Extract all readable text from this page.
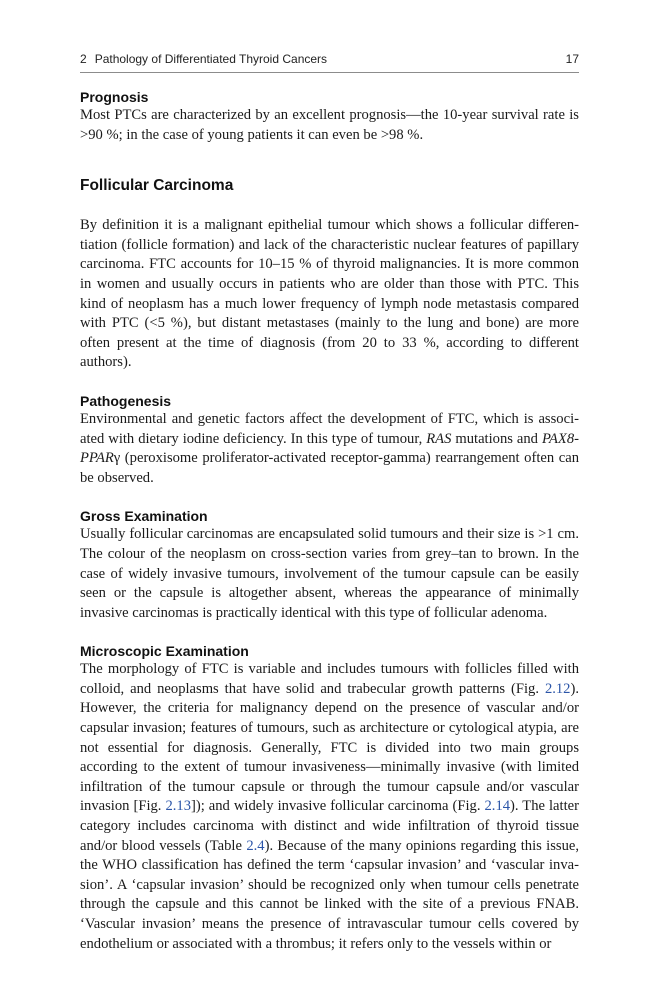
2 Pathology of Differentiated Thyroid Cancers	17
Prognosis

Most PTCs are characterized by an excellent prognosis—the 10-year survival rate is >90 %; in the case of young patients it can even be >98 %.

Follicular Carcinoma

By definition it is a malignant epithelial tumour which shows a follicular differentiation (follicle formation) and lack of the characteristic nuclear features of papillary carcinoma. FTC accounts for 10–15 % of thyroid malignancies. It is more common in women and usually occurs in patients who are older than those with PTC. This kind of neoplasm has a much lower frequency of lymph node metastasis compared with PTC (<5 %), but distant metastases (mainly to the lung and bone) are more often present at the time of diagnosis (from 20 to 33 %, according to different authors).

Pathogenesis

Environmental and genetic factors affect the development of FTC, which is associated with dietary iodine deficiency. In this type of tumour, RAS mutations and PAX8-PPARγ (peroxisome proliferator-activated receptor-gamma) rearrangement often can be observed.

Gross Examination

Usually follicular carcinomas are encapsulated solid tumours and their size is >1 cm. The colour of the neoplasm on cross-section varies from grey–tan to brown. In the case of widely invasive tumours, involvement of the tumour capsule can be easily seen or the capsule is altogether absent, whereas the appearance of minimally invasive carcinomas is practically identical with this type of follicular adenoma.

Microscopic Examination

The morphology of FTC is variable and includes tumours with follicles filled with colloid, and neoplasms that have solid and trabecular growth patterns (Fig. 2.12). However, the criteria for malignancy depend on the presence of vascular and/or capsular invasion; features of tumours, such as architecture or cytological atypia, are not essential for diagnosis. Generally, FTC is divided into two main groups according to the extent of tumour invasiveness—minimally invasive (with limited infiltration of the tumour capsule or through the tumour capsule and/or vascular invasion [Fig. 2.13]); and widely invasive follicular carcinoma (Fig. 2.14). The latter category includes carcinoma with distinct and wide infiltration of thyroid tissue and/or blood vessels (Table 2.4). Because of the many opinions regarding this issue, the WHO classification has defined the term ‘capsular invasion’ and ‘vascular invasion’. A ‘capsular invasion’ should be recognized only when tumour cells penetrate through the capsule and this cannot be linked with the site of a previous FNAB. ‘Vascular invasion’ means the presence of intravascular tumour cells covered by endothelium or associated with a thrombus; it refers only to the vessels within or
